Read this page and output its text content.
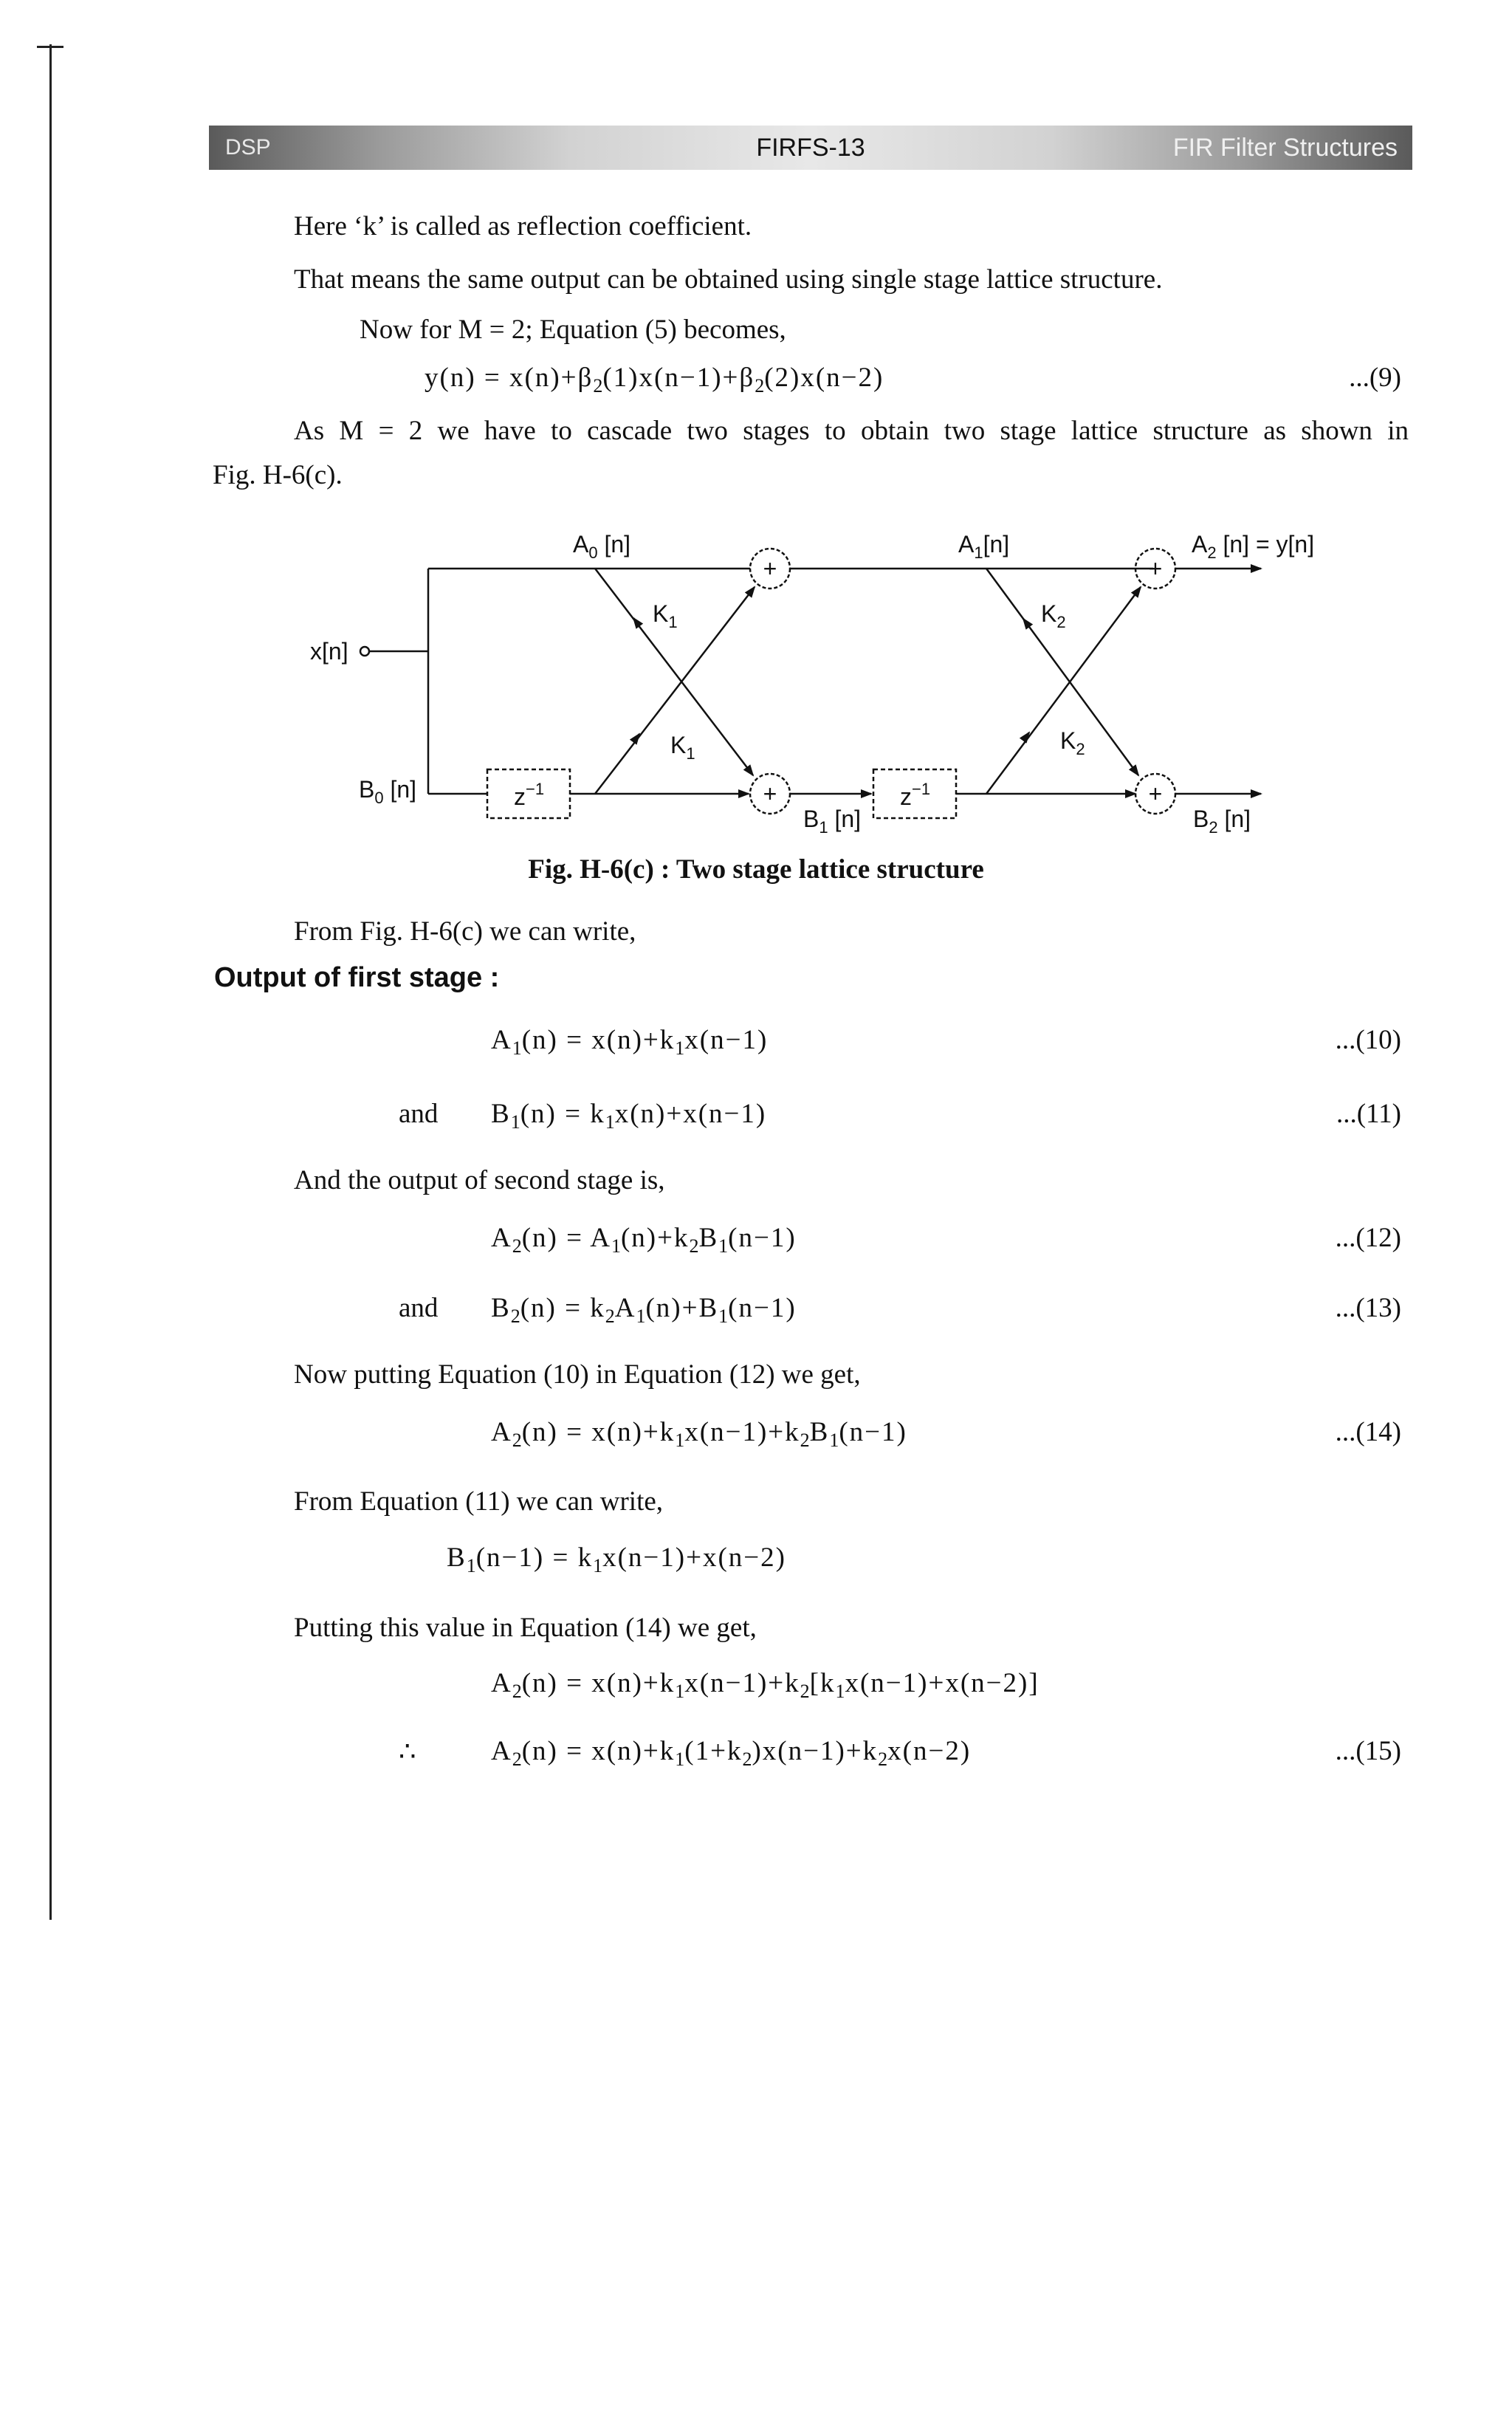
DSP	FIRFS-13	FIR Filter Structures
Here ‘k’ is called as reflection coefficient.
That means the same output can be obtained using single stage lattice structure.
Now for M = 2; Equation (5) becomes,
$y(n) = x(n)+\beta_2(1)x(n-1)+\beta_2(2)x(n-2)$	...(9)
As M = 2 we have to cascade two stages to obtain two stage lattice structure as shown in
Fig. H-6(c).
+
+
+
+
$A_0$ [n]	$A_1[n]$	$A_2$ [n] = y[n]
x[n]
$B_0$ [n]
$B_1$ [n]	$B_2$ [n]
$K_1$
$K_1$
$K_2$
$K_2$
$z^{-1}$	$z^{-1}$
Fig. H-6(c) : Two stage lattice structure
From Fig. H-6(c) we can write,
Output of first stage :
$A_1(n) = x(n)+k_1x(n-1)$	...(10)
and $B_1(n) = k_1x(n)+x(n-1)$	...(11)
And the output of second stage is,
$A_2(n) = A_1(n)+k_2B_1(n-1)$	...(12)
and $B_2(n) = k_2A_1(n)+B_1(n-1)$	...(13)
Now putting Equation (10) in Equation (12) we get,
$A_2(n) = x(n)+k_1x(n-1)+k_2B_1(n-1)$	...(14)
From Equation (11) we can write,
$B_1(n-1) = k_1x(n-1)+x(n-2)$
Putting this value in Equation (14) we get,
$A_2(n) = x(n)+k_1x(n-1)+k_2[k_1x(n-1)+x(n-2)]$
∴	$A_2(n) = x(n)+k_1(1+k_2)x(n-1)+k_2x(n-2)$	...(15)
